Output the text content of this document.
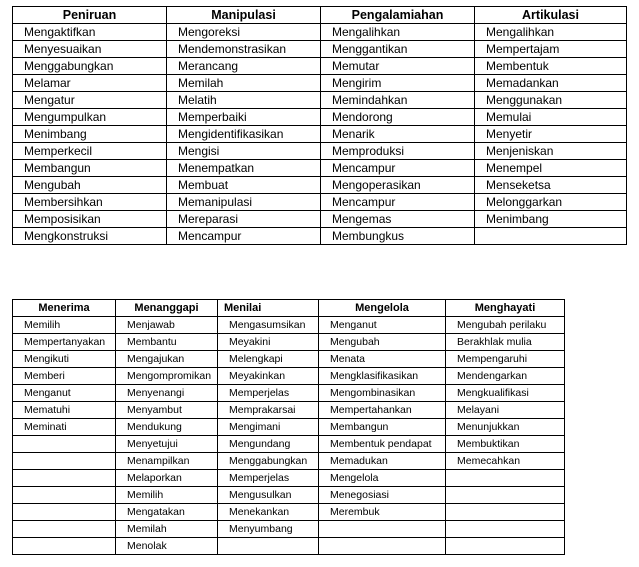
Peniruan	Manipulasi	Pengalamiahan	Artikulasi
Mengaktifkan	Mengoreksi	Mengalihkan	Mengalihkan
Menyesuaikan	Mendemonstrasikan	Menggantikan	Mempertajam
Menggabungkan	Merancang	Memutar	Membentuk
Melamar	Memilah	Mengirim	Memadankan
Mengatur	Melatih	Memindahkan	Menggunakan
Mengumpulkan	Memperbaiki	Mendorong	Memulai
Menimbang	Mengidentifikasikan	Menarik	Menyetir
Memperkecil	Mengisi	Memproduksi	Menjeniskan
Membangun	Menempatkan	Mencampur	Menempel
Mengubah	Membuat	Mengoperasikan	Menseketsa
Membersihkan	Memanipulasi	Mencampur	Melonggarkan
Memposisikan	Mereparasi	Mengemas	Menimbang
Mengkonstruksi	Mencampur	Membungkus	
Menerima	Menanggapi	Menilai	Mengelola	Menghayati
Memilih	Menjawab	Mengasumsikan	Menganut	Mengubah perilaku
Mempertanyakan	Membantu	Meyakini	Mengubah	Berakhlak mulia
Mengikuti	Mengajukan	Melengkapi	Menata	Mempengaruhi
Memberi	Mengompromikan	Meyakinkan	Mengklasifikasikan	Mendengarkan
Menganut	Menyenangi	Memperjelas	Mengombinasikan	Mengkualifikasi
Mematuhi	Menyambut	Memprakarsai	Mempertahankan	Melayani
Meminati	Mendukung	Mengimani	Membangun	Menunjukkan
	Menyetujui	Mengundang	Membentuk pendapat	Membuktikan
	Menampilkan	Menggabungkan	Memadukan	Memecahkan
	Melaporkan	Memperjelas	Mengelola	
	Memilih	Mengusulkan	Menegosiasi	
	Mengatakan	Menekankan	Merembuk	
	Memilah	Menyumbang		
	Menolak			
